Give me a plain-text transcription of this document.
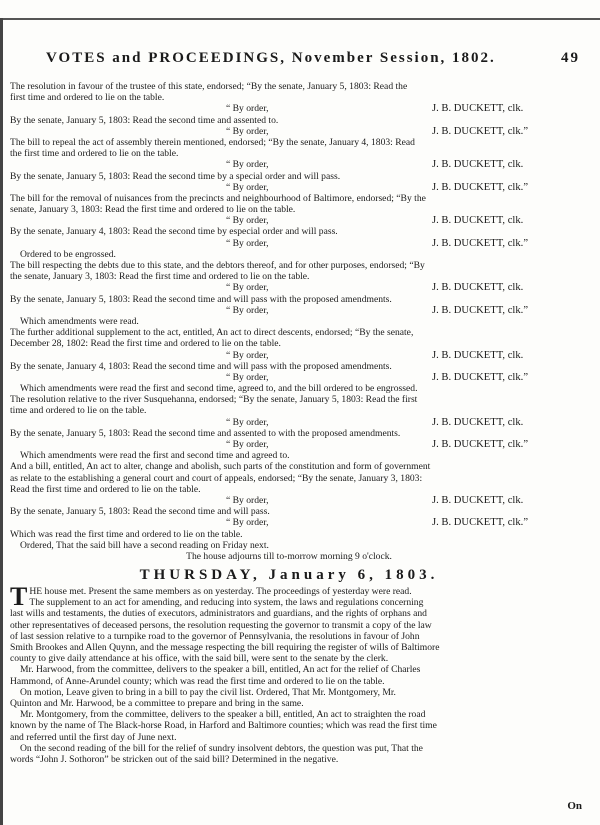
VOTES and PROCEEDINGS, November Session, 1802.	49
The resolution in favour of the trustee of this state, endorsed; “By the senate, January 5, 1803: Read the
first time and ordered to lie on the table.
“ By order,	J. B. DUCKETT, clk.
By the senate, January 5, 1803: Read the second time and assented to.
“ By order,	J. B. DUCKETT, clk.”
The bill to repeal the act of assembly therein mentioned, endorsed; “By the senate, January 4, 1803: Read
the first time and ordered to lie on the table.
“ By order,	J. B. DUCKETT, clk.
By the senate, January 5, 1803: Read the second time by a special order and will pass.
“ By order,	J. B. DUCKETT, clk.”
The bill for the removal of nuisances from the precincts and neighbourhood of Baltimore, endorsed; “By the
senate, January 3, 1803: Read the first time and ordered to lie on the table.
“ By order,	J. B. DUCKETT, clk.
By the senate, January 4, 1803: Read the second time by especial order and will pass.
“ By order,	J. B. DUCKETT, clk.”
Ordered to be engrossed.
The bill respecting the debts due to this state, and the debtors thereof, and for other purposes, endorsed; “By
the senate, January 3, 1803: Read the first time and ordered to lie on the table.
“ By order,	J. B. DUCKETT, clk.
By the senate, January 5, 1803: Read the second time and will pass with the proposed amendments.
“ By order,	J. B. DUCKETT, clk.”
Which amendments were read.
The further additional supplement to the act, entitled, An act to direct descents, endorsed; “By the senate,
December 28, 1802: Read the first time and ordered to lie on the table.
“ By order,	J. B. DUCKETT, clk.
By the senate, January 4, 1803: Read the second time and will pass with the proposed amendments.
“ By order,	J. B. DUCKETT, clk.”
Which amendments were read the first and second time, agreed to, and the bill ordered to be engrossed.
The resolution relative to the river Susquehanna, endorsed; “By the senate, January 5, 1803: Read the first
time and ordered to lie on the table.
“ By order,	J. B. DUCKETT, clk.
By the senate, January 5, 1803: Read the second time and assented to with the proposed amendments.
“ By order,	J. B. DUCKETT, clk.”
Which amendments were read the first and second time and agreed to.
And a bill, entitled, An act to alter, change and abolish, such parts of the constitution and form of government
as relate to the establishing a general court and court of appeals, endorsed; “By the senate, January 3, 1803:
Read the first time and ordered to lie on the table.
“ By order,	J. B. DUCKETT, clk.
By the senate, January 5, 1803: Read the second time and will pass.
“ By order,	J. B. DUCKETT, clk.”
Which was read the first time and ordered to lie on the table.
Ordered, That the said bill have a second reading on Friday next.
The house adjourns till to-morrow morning 9 o'clock.
THURSDAY, January 6, 1803.
THE house met. Present the same members as on yesterday. The proceedings of yesterday were read.
The supplement to an act for amending, and reducing into system, the laws and regulations concerning
last wills and testaments, the duties of executors, administrators and guardians, and the rights of orphans and
other representatives of deceased persons, the resolution requesting the governor to transmit a copy of the law
of last session relative to a turnpike road to the governor of Pennsylvania, the resolutions in favour of John
Smith Brookes and Allen Quynn, and the message respecting the bill requiring the register of wills of Baltimore
county to give daily attendance at his office, with the said bill, were sent to the senate by the clerk.
Mr. Harwood, from the committee, delivers to the speaker a bill, entitled, An act for the relief of Charles
Hammond, of Anne-Arundel county; which was read the first time and ordered to lie on the table.
On motion, Leave given to bring in a bill to pay the civil list. Ordered, That Mr. Montgomery, Mr.
Quinton and Mr. Harwood, be a committee to prepare and bring in the same.
Mr. Montgomery, from the committee, delivers to the speaker a bill, entitled, An act to straighten the road
known by the name of The Black-horse Road, in Harford and Baltimore counties; which was read the first time
and referred until the first day of June next.
On the second reading of the bill for the relief of sundry insolvent debtors, the question was put, That the
words “John J. Sothoron” be stricken out of the said bill? Determined in the negative.
On
